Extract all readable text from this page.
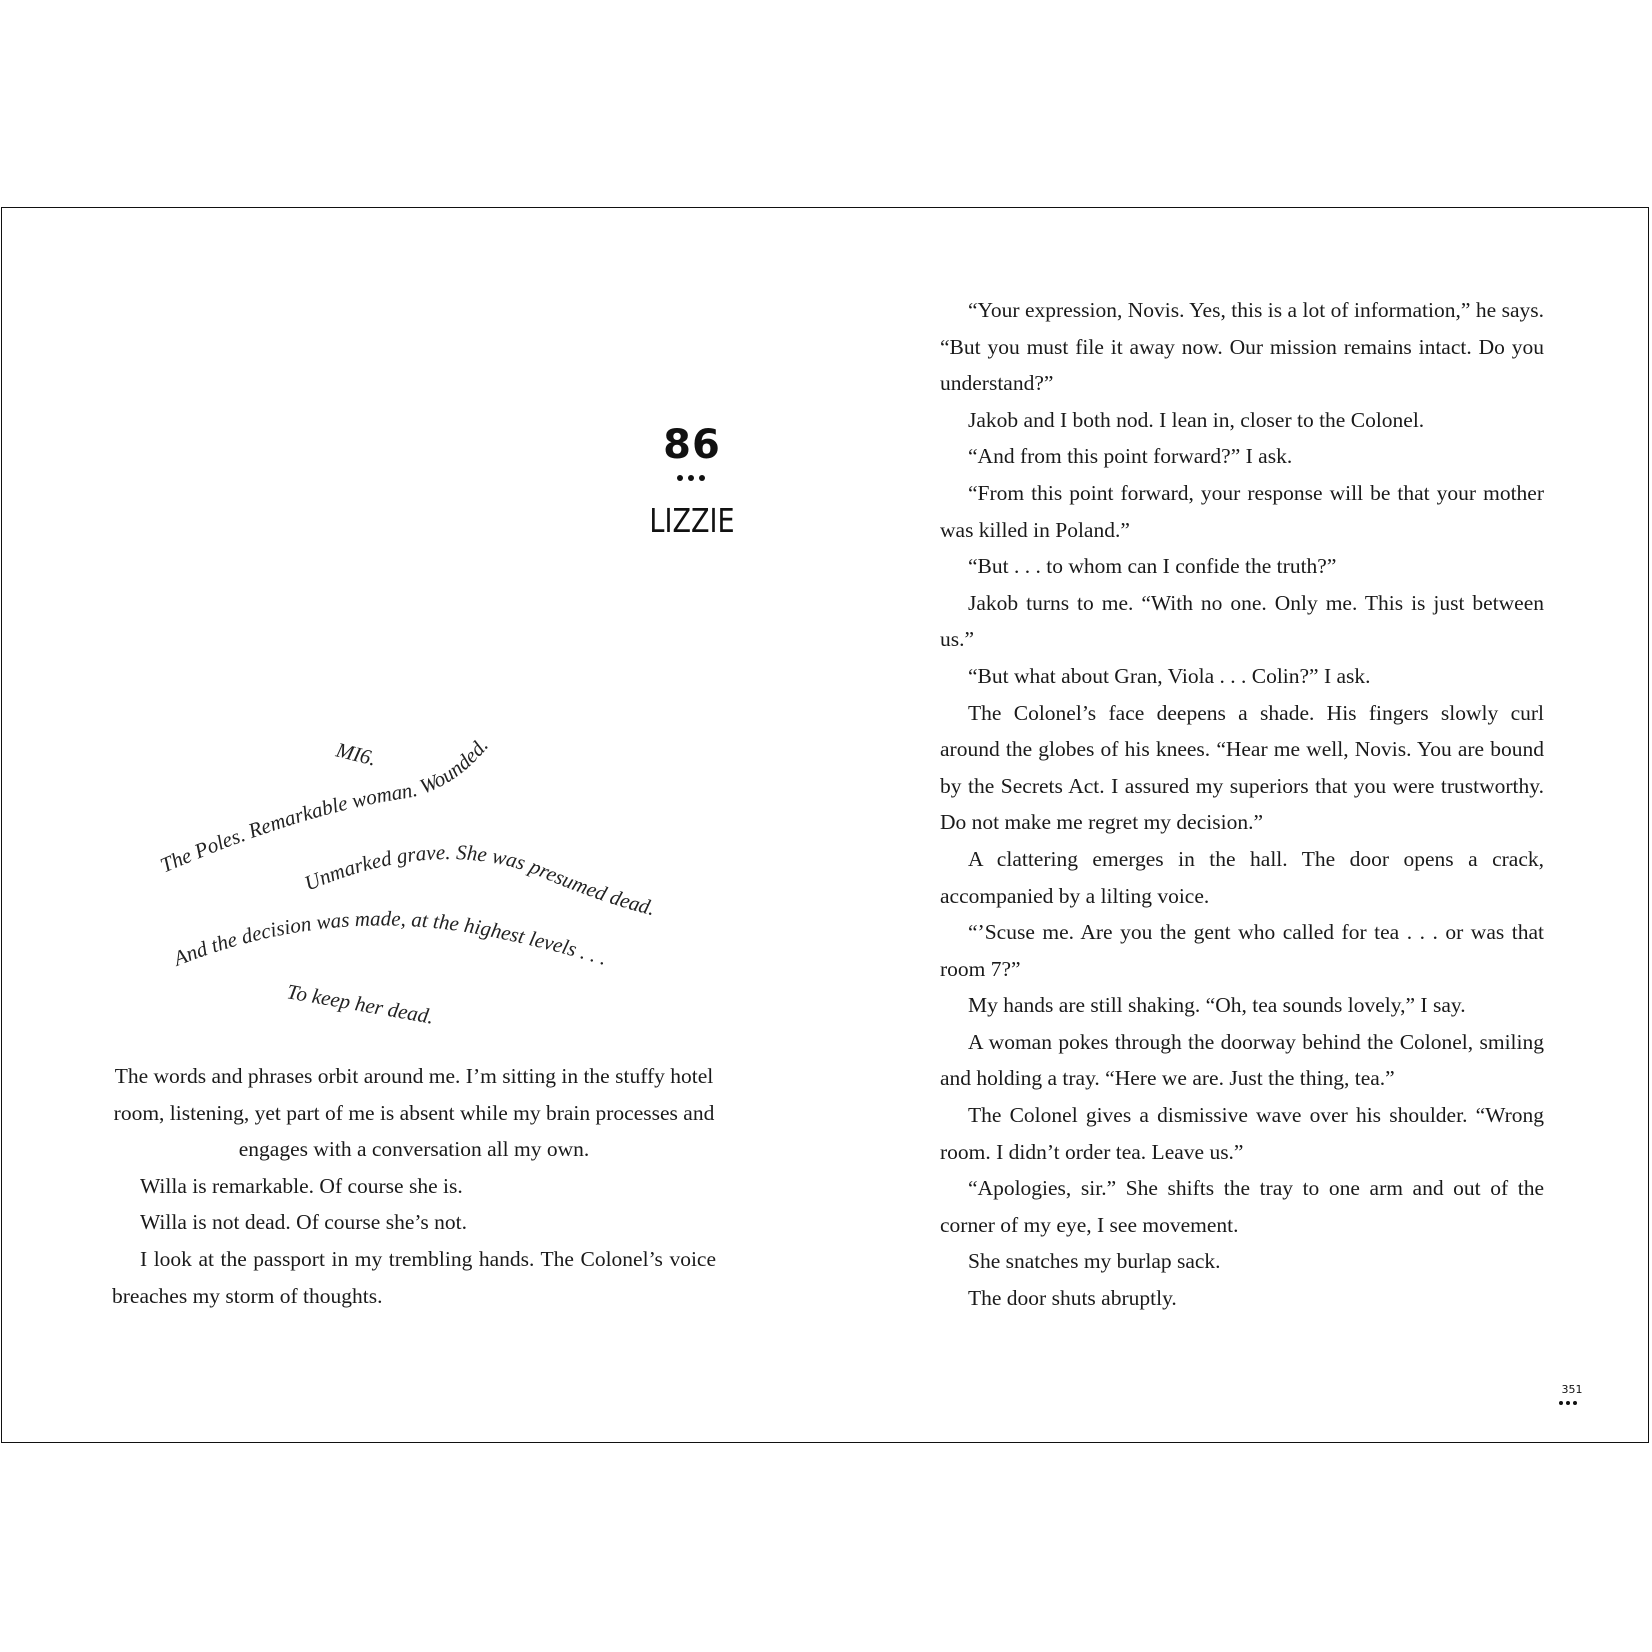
86
LIZZIE
MI6.
The Poles. Remarkable woman. Wounded.
Unmarked grave. She was presumed dead.
And the decision was made, at the highest levels . . .
To keep her dead.

The words and phrases orbit around me. I’m sitting in the stuffy hotel room, listening, yet part of me is absent while my brain processes and engages with a conversation all my own.

Willa is remarkable. Of course she is.

Willa is not dead. Of course she’s not.

I look at the passport in my trembling hands. The Colonel’s voice breaches my storm of thoughts.

“Your expression, Novis. Yes, this is a lot of information,” he says. “But you must file it away now. Our mission remains intact. Do you understand?”

Jakob and I both nod. I lean in, closer to the Colonel.

“And from this point forward?” I ask.

“From this point forward, your response will be that your mother was killed in Poland.”

“But . . . to whom can I confide the truth?”

Jakob turns to me. “With no one. Only me. This is just between us.”

“But what about Gran, Viola . . . Colin?” I ask.

The Colonel’s face deepens a shade. His fingers slowly curl around the globes of his knees. “Hear me well, Novis. You are bound by the Secrets Act. I assured my superiors that you were trustworthy. Do not make me regret my decision.”

A clattering emerges in the hall. The door opens a crack, accompanied by a lilting voice.

“’Scuse me. Are you the gent who called for tea . . . or was that room 7?”

My hands are still shaking. “Oh, tea sounds lovely,” I say.

A woman pokes through the doorway behind the Colonel, smiling and holding a tray. “Here we are. Just the thing, tea.”

The Colonel gives a dismissive wave over his shoulder. “Wrong room. I didn’t order tea. Leave us.”

“Apologies, sir.” She shifts the tray to one arm and out of the corner of my eye, I see movement.

She snatches my burlap sack.

The door shuts abruptly.

351
